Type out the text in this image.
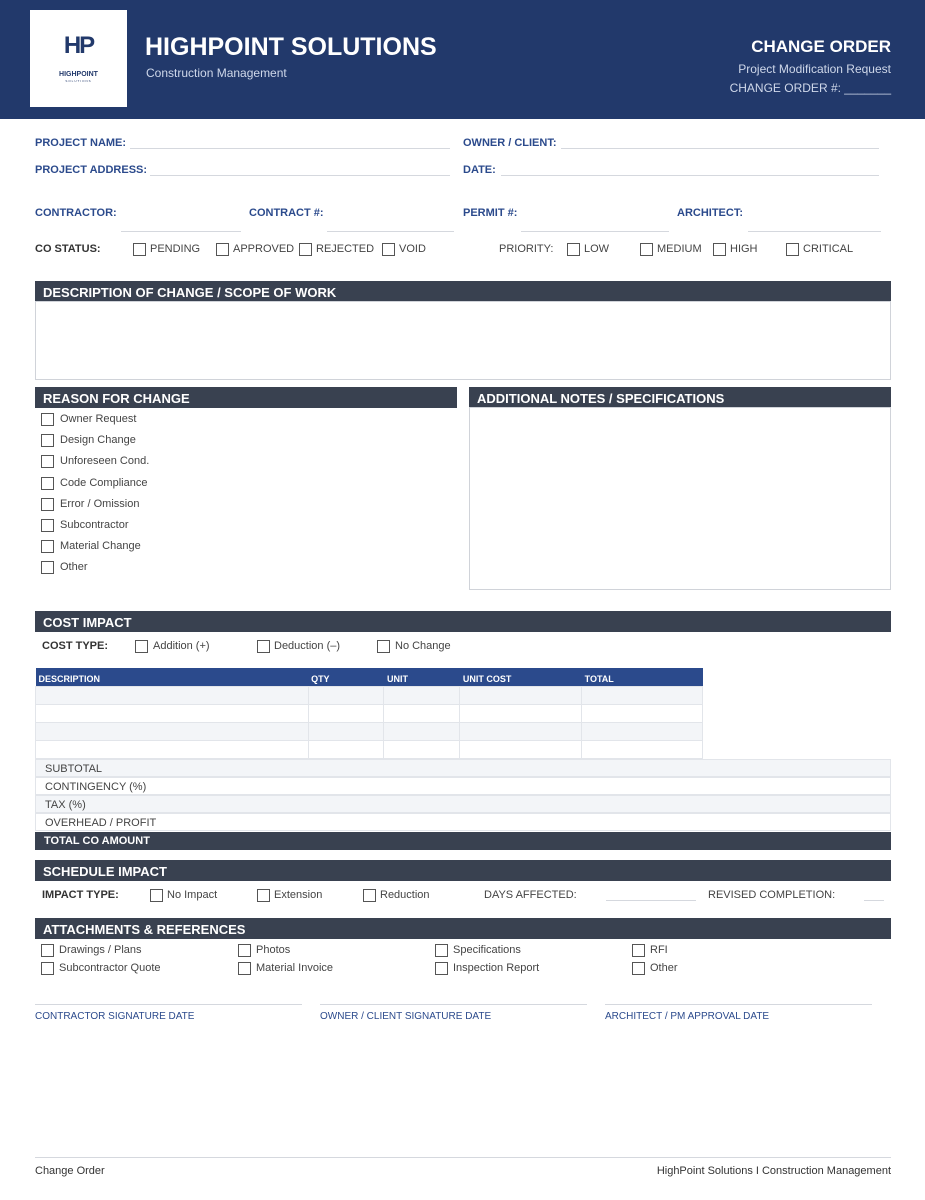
HP
HIGHPOINT
SOLUTIONS
HIGHPOINT SOLUTIONS
Construction Management
CHANGE ORDER
Project Modification Request
CHANGE ORDER #: _______
PROJECT NAME:	OWNER / CLIENT:
PROJECT ADDRESS:	DATE:
CONTRACTOR:	CONTRACT #:	PERMIT #:	ARCHITECT:
CO STATUS:	PENDING	APPROVED REJECTED VOID	PRIORITY:	LOW	MEDIUM	HIGH	CRITICAL
DESCRIPTION OF CHANGE / SCOPE OF WORK
REASON FOR CHANGE
Owner Request
Design Change
Unforeseen Cond.
Code Compliance
Error / Omission
Subcontractor
Material Change
Other
ADDITIONAL NOTES / SPECIFICATIONS
COST IMPACT
COST TYPE:	Addition (+)	Deduction (–)	No Change
DESCRIPTION	QTY	UNIT	UNIT COST	TOTAL

SUBTOTAL
CONTINGENCY (%)
TAX (%)
OVERHEAD / PROFIT
TOTAL CO AMOUNT
SCHEDULE IMPACT
IMPACT TYPE:	No Impact	Extension	Reduction	DAYS AFFECTED:	REVISED COMPLETION:
ATTACHMENTS & REFERENCES
Drawings / Plans	Photos	Specifications	RFI
Subcontractor Quote	Material Invoice	Inspection Report	Other
CONTRACTOR SIGNATURE DATE	OWNER / CLIENT SIGNATURE DATE	ARCHITECT / PM APPROVAL DATE
Change Order	HighPoint Solutions I Construction Management
